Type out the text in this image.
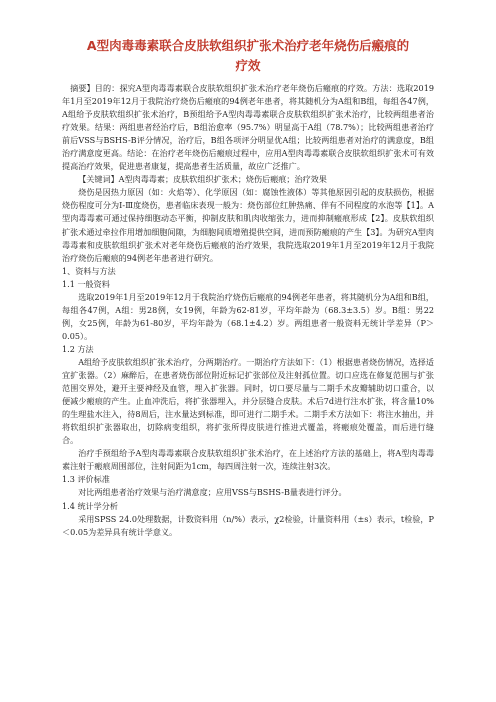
A型肉毒毒素联合皮肤软组织扩张术治疗老年烧伤后瘢痕的
疗效

摘要】目的：探究A型肉毒毒素联合皮肤软组织扩张术治疗老年烧伤后瘢痕的疗效。方法：选取2019年1月至2019年12月于我院治疗烧伤后瘢痕的94例老年患者，将其随机分为A组和B组，每组各47例，A组给予皮肤软组织扩张术治疗，B预组给予A型肉毒毒素联合皮肤软组织扩张术治疗，比较两组患者治疗效果。结果：两组患者经治疗后，B组治愈率（95.7%）明显高于A组（78.7%）；比较两组患者治疗前后VSS与BSHS-B评分情况，治疗后，B组各项评分明显优A组；比较两组患者对治疗的满意度，B组治疗满意度更高。结论：在治疗老年烧伤后瘢痕过程中，应用A型肉毒毒素联合皮肤软组织扩张术可有效提高治疗效果，促进患者康复，提高患者生活质量，故应广泛推广。

【关键词】A型肉毒毒素；皮肤软组织扩张术；烧伤后瘢痕；治疗效果

烧伤是因热力原因（如：火焰等）、化学原因（如：腐蚀性液体）等其他原因引起的皮肤损伤，根据烧伤程度可分为Ⅰ-Ⅲ度烧伤，患者临床表现一般为：烧伤部位红肿热痛、伴有不同程度的水泡等【1】。A型肉毒毒素可通过保持细胞动态平衡，抑制皮肤和肌肉收缩张力，进而抑制瘢痕形成【2】。皮肤软组织扩张术通过牵拉作用增加细胞间隙，为细胞间质增殖提供空间，进而预防瘢痕的产生【3】。为研究A型肉毒毒素和皮肤软组织扩张术对老年烧伤后瘢痕的治疗效果，我院选取2019年1月至2019年12月于我院治疗烧伤后瘢痕的94例老年患者进行研究。

1、资料与方法

1.1 一般资料

选取2019年1月至2019年12月于我院治疗烧伤后瘢痕的94例老年患者，将其随机分为A组和B组，每组各47例，A组：男28例，女19例，年龄为62-81岁，平均年龄为（68.3±3.5）岁。B组：男22例，女25例，年龄为61-80岁，平均年龄为（68.1±4.2）岁。两组患者一般资料无统计学差异（P＞0.05）。

1.2 方法

A组给予皮肤软组织扩张术治疗，分两期治疗。一期治疗方法如下：（1）根据患者烧伤情况，选择适宜扩张器。（2）麻醉后，在患者烧伤部位附近标记扩张部位及注射孤位置。切口应选在修复范围与扩张范围交界处，避开主要神经及血管，埋入扩张器。同时，切口要尽量与二期手术皮瓣辅助切口重合，以便减少瘢痕的产生。止血冲洗后，将扩张器埋入，并分层缝合皮肤。术后7d进行注水扩张，将含量10%的生理盐水注入，待8周后，注水量达到标准，即可进行二期手术。二期手术方法如下：将注水抽出，并将软组织扩张器取出，切除病变组织，将扩张所得皮肤进行推进式覆盖，将瘢痕处覆盖，而后进行缝合。

治疗手预组给予A型肉毒毒素联合皮肤软组织扩张术治疗，在上述治疗方法的基础上，将A型肉毒毒素注射于瘢痕周围部位，注射间距为1cm，每四周注射一次，连续注射3次。

1.3 评价标准

对比两组患者治疗效果与治疗满意度；应用VSS与BSHS-B量表进行评分。

1.4 统计学分析

采用SPSS 24.0处理数据，计数资料用（n/%）表示，χ2检验，计量资料用（±s）表示，t检验，P＜0.05为差异具有统计学意义。
